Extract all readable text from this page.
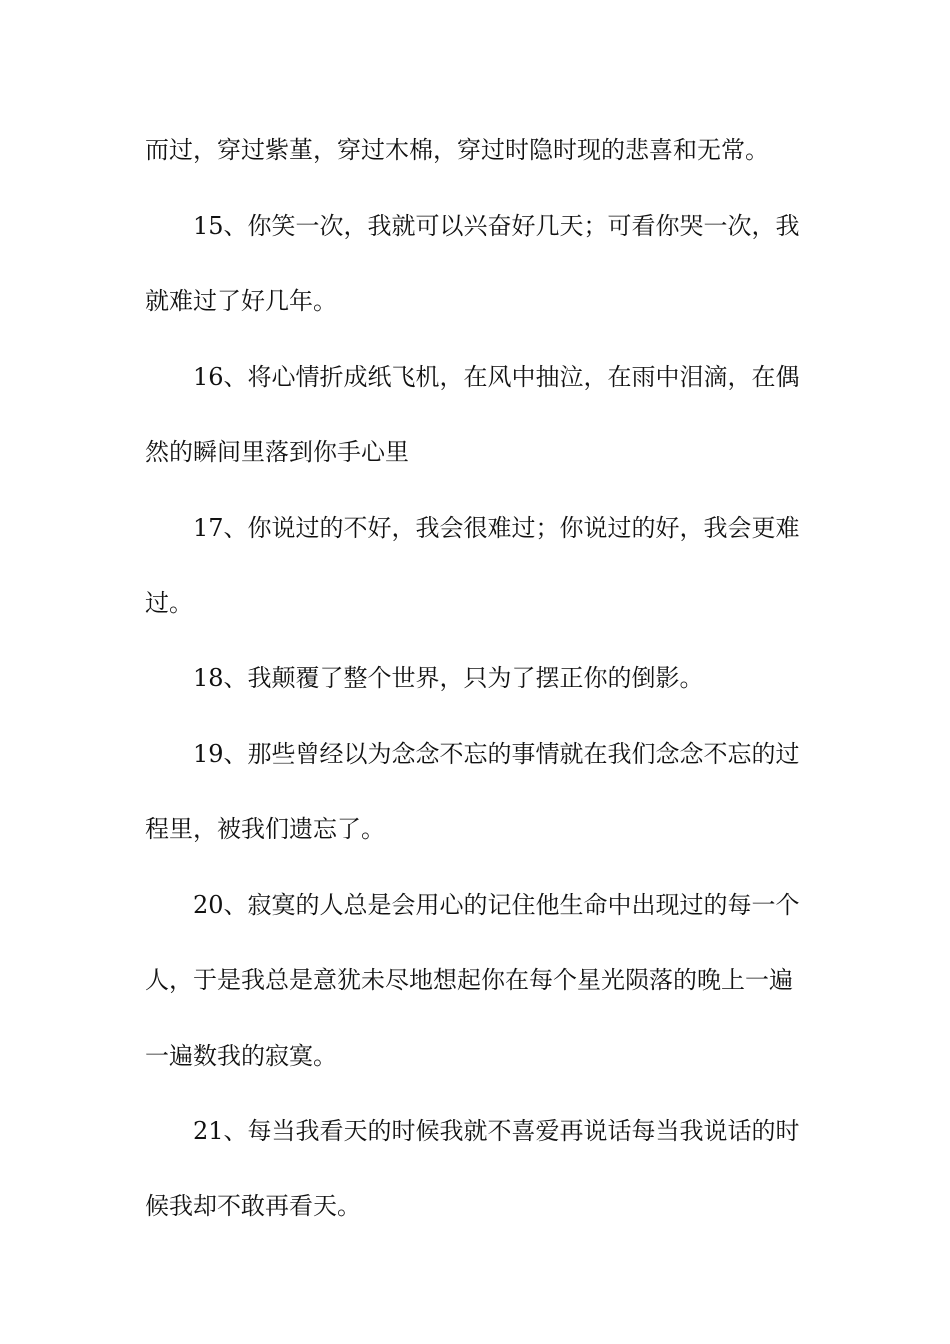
而过，穿过紫堇，穿过木棉，穿过时隐时现的悲喜和无常。
15、你笑一次，我就可以兴奋好几天；可看你哭一次，我
就难过了好几年。
16、将心情折成纸飞机，在风中抽泣，在雨中泪滴，在偶
然的瞬间里落到你手心里
17、你说过的不好，我会很难过；你说过的好，我会更难
过。
18、我颠覆了整个世界，只为了摆正你的倒影。
19、那些曾经以为念念不忘的事情就在我们念念不忘的过
程里，被我们遗忘了。
20、寂寞的人总是会用心的记住他生命中出现过的每一个
人，于是我总是意犹未尽地想起你在每个星光陨落的晚上一遍
一遍数我的寂寞。
21、每当我看天的时候我就不喜爱再说话每当我说话的时
候我却不敢再看天。
